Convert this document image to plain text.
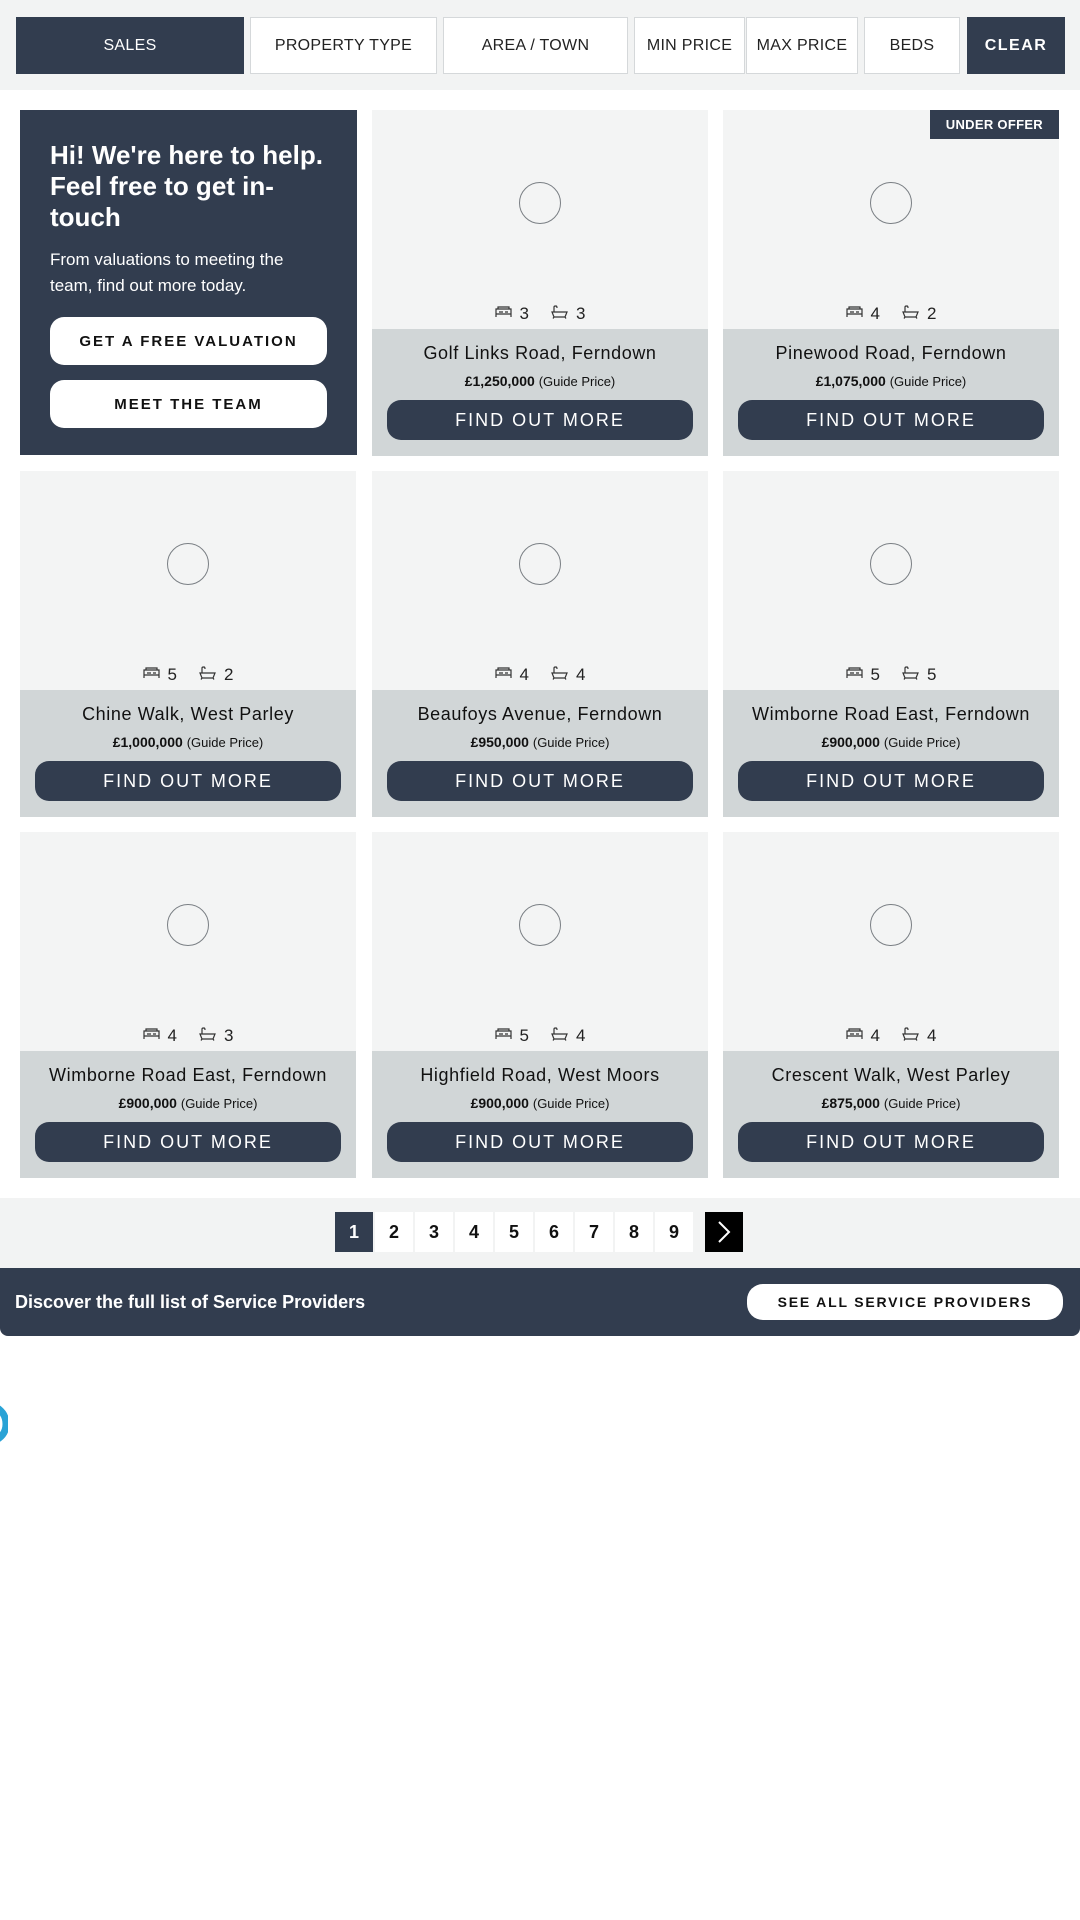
SALES	PROPERTY TYPE	AREA / TOWN	MIN PRICE	MAX PRICE	BEDS	CLEAR
Hi! We're here to help. Feel free to get in-touch
From valuations to meeting the team, find out more today.
GET A FREE VALUATION
MEET THE TEAM
3	3
Golf Links Road, Ferndown
£1,250,000 (Guide Price)
FIND OUT MORE
UNDER OFFER
4	2
Pinewood Road, Ferndown
£1,075,000 (Guide Price)
FIND OUT MORE
5	2
Chine Walk, West Parley
£1,000,000 (Guide Price)
FIND OUT MORE
4	4
Beaufoys Avenue, Ferndown
£950,000 (Guide Price)
FIND OUT MORE
5	5
Wimborne Road East, Ferndown
£900,000 (Guide Price)
FIND OUT MORE
4	3
Wimborne Road East, Ferndown
£900,000 (Guide Price)
FIND OUT MORE
5	4
Highfield Road, West Moors
£900,000 (Guide Price)
FIND OUT MORE
4	4
Crescent Walk, West Parley
£875,000 (Guide Price)
FIND OUT MORE
1	2	3	4	5	6	7	8	9
Discover the full list of Service Providers	SEE ALL SERVICE PROVIDERS
